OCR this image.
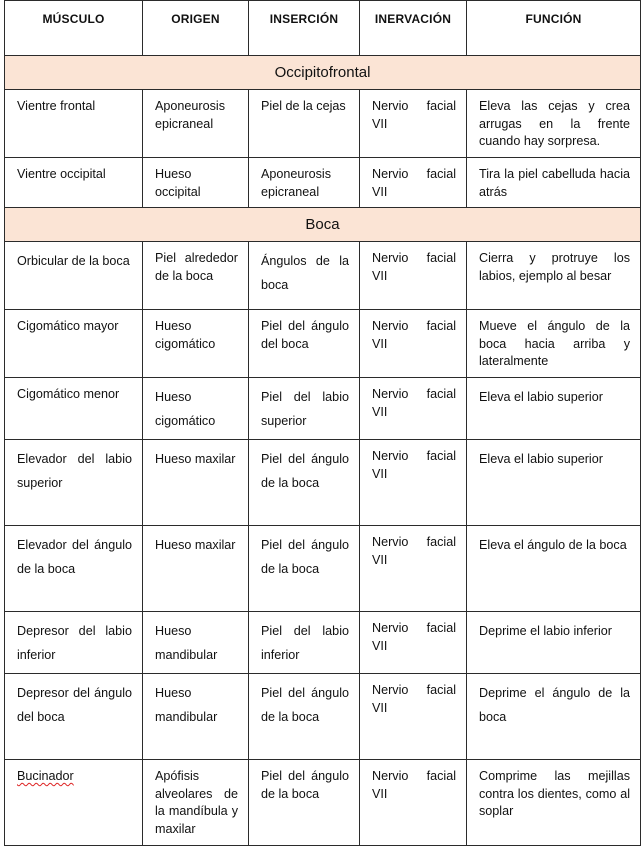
MÚSCULO	ORIGEN	INSERCIÓN	INERVACIÓN	FUNCIÓN
Occipitofrontal				
Vientre frontal	Aponeurosis epicraneal	Piel de la cejas	Nervio facial VII	Eleva las cejas y crea arrugas en la frente cuando hay sorpresa.
Vientre occipital	Hueso occipital	Aponeurosis epicraneal	Nervio facial VII	Tira la piel cabelluda hacia atrás
Boca				
Orbicular de la boca	Piel alrededor de la boca	Ángulos de la boca	Nervio facial VII	Cierra y protruye los labios, ejemplo al besar
Cigomático mayor	Hueso cigomático	Piel del ángulo del boca	Nervio facial VII	Mueve el ángulo de la boca hacia arriba y lateralmente
Cigomático menor	Hueso cigomático	Piel del labio superior	Nervio facial VII	Eleva el labio superior
Elevador del labio superior	Hueso maxilar	Piel del ángulo de la boca	Nervio facial VII	Eleva el labio superior
Elevador del ángulo de la boca	Hueso maxilar	Piel del ángulo de la boca	Nervio facial VII	Eleva el ángulo de la boca
Depresor del labio inferior	Hueso mandibular	Piel del labio inferior	Nervio facial VII	Deprime el labio inferior
Depresor del ángulo del boca	Hueso mandibular	Piel del ángulo de la boca	Nervio facial VII	Deprime el ángulo de la boca
Bucinador	Apófisis alveolares de la mandíbula y maxilar	Piel del ángulo de la boca	Nervio facial VII	Comprime las mejillas contra los dientes, como al soplar
